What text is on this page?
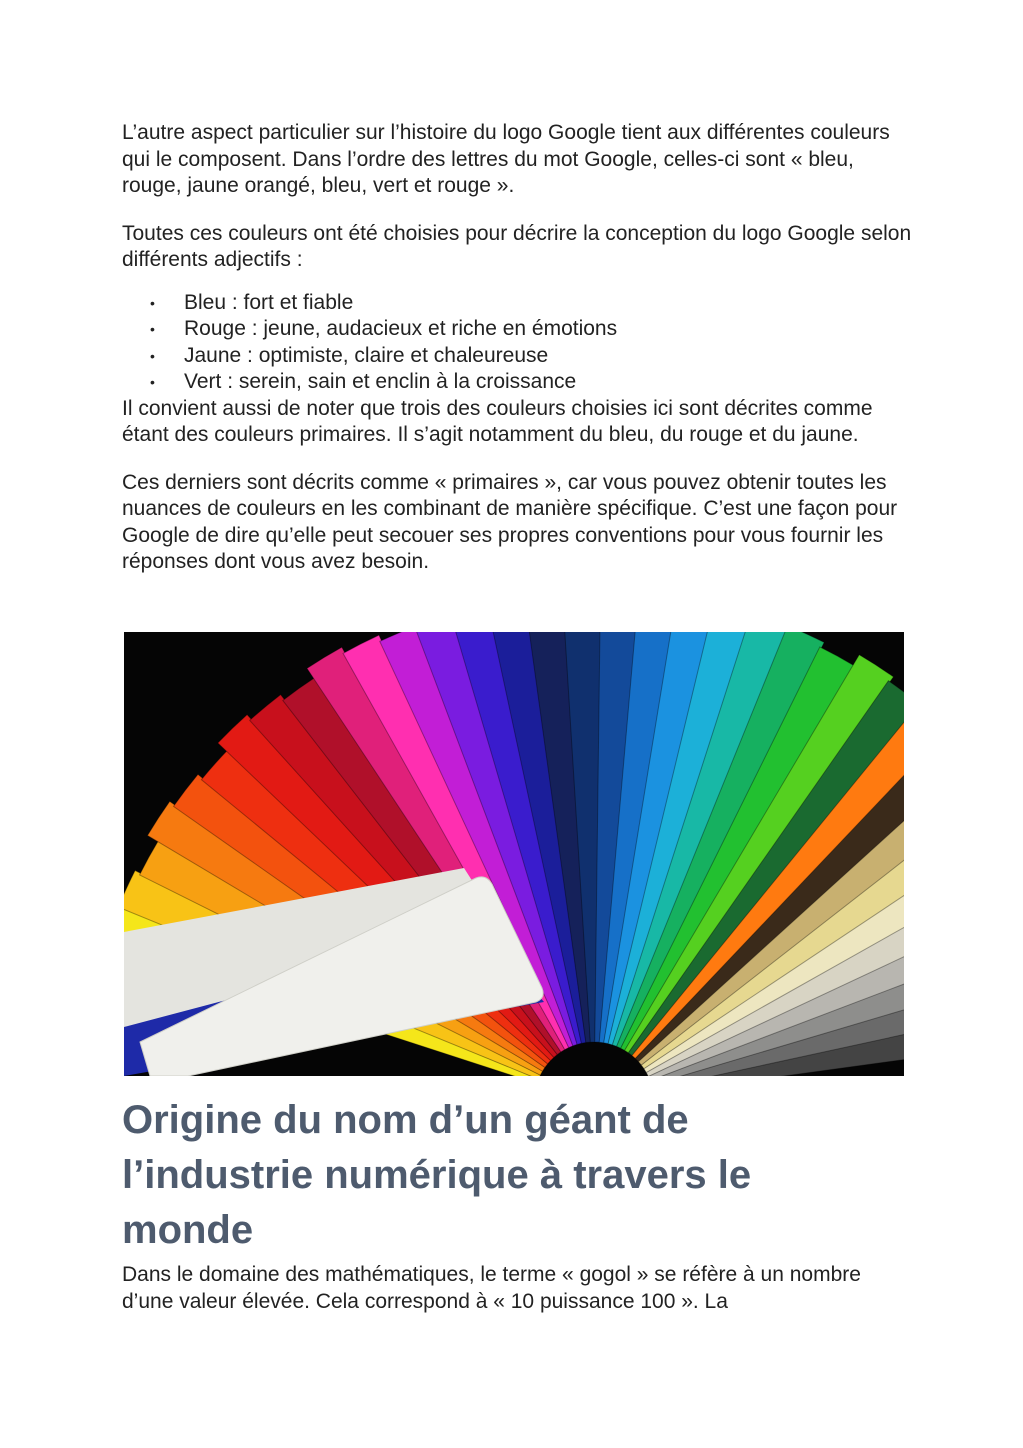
L’autre aspect particulier sur l’histoire du logo Google tient aux différentes couleurs qui le composent. Dans l’ordre des lettres du mot Google, celles-ci sont « bleu, rouge, jaune orangé, bleu, vert et rouge ».

Toutes ces couleurs ont été choisies pour décrire la conception du logo Google selon différents adjectifs :

• Bleu : fort et fiable
• Rouge : jeune, audacieux et riche en émotions
• Jaune : optimiste, claire et chaleureuse
• Vert : serein, sain et enclin à la croissance

Il convient aussi de noter que trois des couleurs choisies ici sont décrites comme étant des couleurs primaires. Il s’agit notamment du bleu, du rouge et du jaune.

Ces derniers sont décrits comme « primaires », car vous pouvez obtenir toutes les nuances de couleurs en les combinant de manière spécifique. C’est une façon pour Google de dire qu’elle peut secouer ses propres conventions pour vous fournir les réponses dont vous avez besoin.

Origine du nom d’un géant de
l’industrie numérique à travers le
monde

Dans le domaine des mathématiques, le terme « gogol » se réfère à un nombre d’une valeur élevée. Cela correspond à « 10 puissance 100 ». La
